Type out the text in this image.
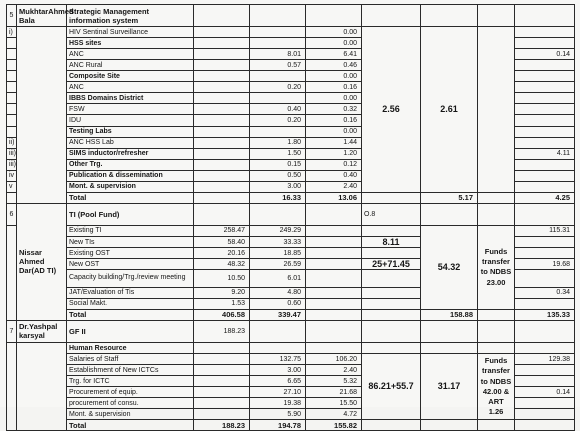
5	MukhtarAhmed Bala	Strategic Management information system							
i)		HIV Sentinal Surveillance			0.00	2.56	2.61		
		HSS sites			0.00				
		ANC		8.01	6.41				0.14
		ANC Rural		0.57	0.46				
		Composite Site			0.00				
		ANC		0.20	0.16				
		IBBS Domains District			0.00				
		FSW		0.40	0.32				
		IDU		0.20	0.16				
		Testing Labs			0.00				
ii)		ANC HSS Lab		1.80	1.44				
iii)		SIMS inductor/refresher		1.50	1.20				4.11
iii)		Other Trg.		0.15	0.12				
iv		Publication & dissemination		0.50	0.40				
v		Mont. & supervision		3.00	2.40				
		Total		16.33	13.06		5.17		4.25
6	Nissar Ahmed Dar(AD TI)	TI (Pool Fund)				O.8			
		Existing TI	258.47	249.29			54.32	Funds transfer to NDBS 23.00	115.31
		New TIs	58.40	33.33		8.11			
		Existing OST	20.16	18.85					
		New OST	48.32	26.59		25+71.45			19.68
		Capacity building/Trg./review meeting	10.50	6.01					
		JAT/Evaluation of Tis	9.20	4.80					0.34
		Social Makt.	1.53	0.60					
		Total	406.58	339.47			158.88		135.33
7	Dr.Yashpal karsyal	GF II	188.23						
		Human Resource							
		Salaries of Staff		132.75	106.20	86.21+55.7	31.17	Funds transfer to NDBS 42.00 & ART 1.26	129.38
		Establishment of New ICTCs		3.00	2.40				
		Trg. for ICTC		6.65	5.32				
		Procurement of equip.		27.10	21.68				0.14
		procurement of consu.		19.38	15.50				
		Mont. & supervision		5.90	4.72				
		Total	188.23	194.78	155.82				
